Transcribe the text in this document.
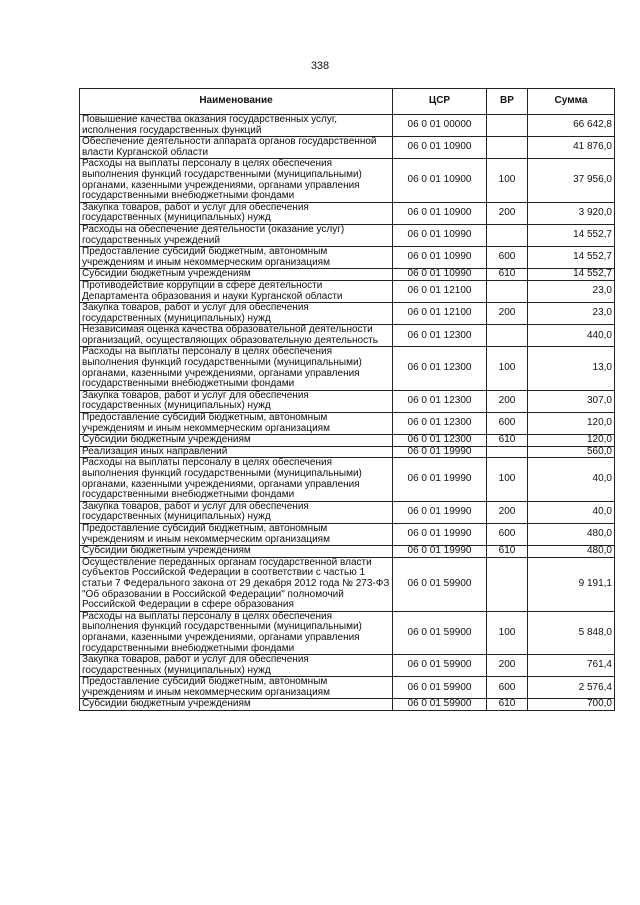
338
Наименование	ЦСР	ВР	Сумма
Повышение качества оказания государственных услуг, исполнения государственных функций	06 0 01 00000		66 642,8
Обеспечение деятельности аппарата органов государственной власти Курганской области	06 0 01 10900		41 876,0
Расходы на выплаты персоналу в целях обеспечения выполнения функций государственными (муниципальными) органами, казенными учреждениями, органами управления государственными внебюджетными фондами	06 0 01 10900	100	37 956,0
Закупка товаров, работ и услуг для обеспечения государственных (муниципальных) нужд	06 0 01 10900	200	3 920,0
Расходы на обеспечение деятельности (оказание услуг) государственных учреждений	06 0 01 10990		14 552,7
Предоставление субсидий бюджетным, автономным учреждениям и иным некоммерческим организациям	06 0 01 10990	600	14 552,7
Субсидии бюджетным учреждениям	06 0 01 10990	610	14 552,7
Противодействие коррупции в сфере деятельности Департамента образования и науки Курганской области	06 0 01 12100		23,0
Закупка товаров, работ и услуг для обеспечения государственных (муниципальных) нужд	06 0 01 12100	200	23,0
Независимая оценка качества образовательной деятельности организаций, осуществляющих образовательную деятельность	06 0 01 12300		440,0
Расходы на выплаты персоналу в целях обеспечения выполнения функций государственными (муниципальными) органами, казенными учреждениями, органами управления государственными внебюджетными фондами	06 0 01 12300	100	13,0
Закупка товаров, работ и услуг для обеспечения государственных (муниципальных) нужд	06 0 01 12300	200	307,0
Предоставление субсидий бюджетным, автономным учреждениям и иным некоммерческим организациям	06 0 01 12300	600	120,0
Субсидии бюджетным учреждениям	06 0 01 12300	610	120,0
Реализация иных направлений	06 0 01 19990		560,0
Расходы на выплаты персоналу в целях обеспечения выполнения функций государственными (муниципальными) органами, казенными учреждениями, органами управления государственными внебюджетными фондами	06 0 01 19990	100	40,0
Закупка товаров, работ и услуг для обеспечения государственных (муниципальных) нужд	06 0 01 19990	200	40,0
Предоставление субсидий бюджетным, автономным учреждениям и иным некоммерческим организациям	06 0 01 19990	600	480,0
Субсидии бюджетным учреждениям	06 0 01 19990	610	480,0
Осуществление переданных органам государственной власти субъектов Российской Федерации в соответствии с частью 1 статьи 7 Федерального закона от 29 декабря 2012 года № 273-ФЗ "Об образовании в Российской Федерации" полномочий Российской Федерации в сфере образования	06 0 01 59900		9 191,1
Расходы на выплаты персоналу в целях обеспечения выполнения функций государственными (муниципальными) органами, казенными учреждениями, органами управления государственными внебюджетными фондами	06 0 01 59900	100	5 848,0
Закупка товаров, работ и услуг для обеспечения государственных (муниципальных) нужд	06 0 01 59900	200	761,4
Предоставление субсидий бюджетным, автономным учреждениям и иным некоммерческим организациям	06 0 01 59900	600	2 576,4
Субсидии бюджетным учреждениям	06 0 01 59900	610	700,0
